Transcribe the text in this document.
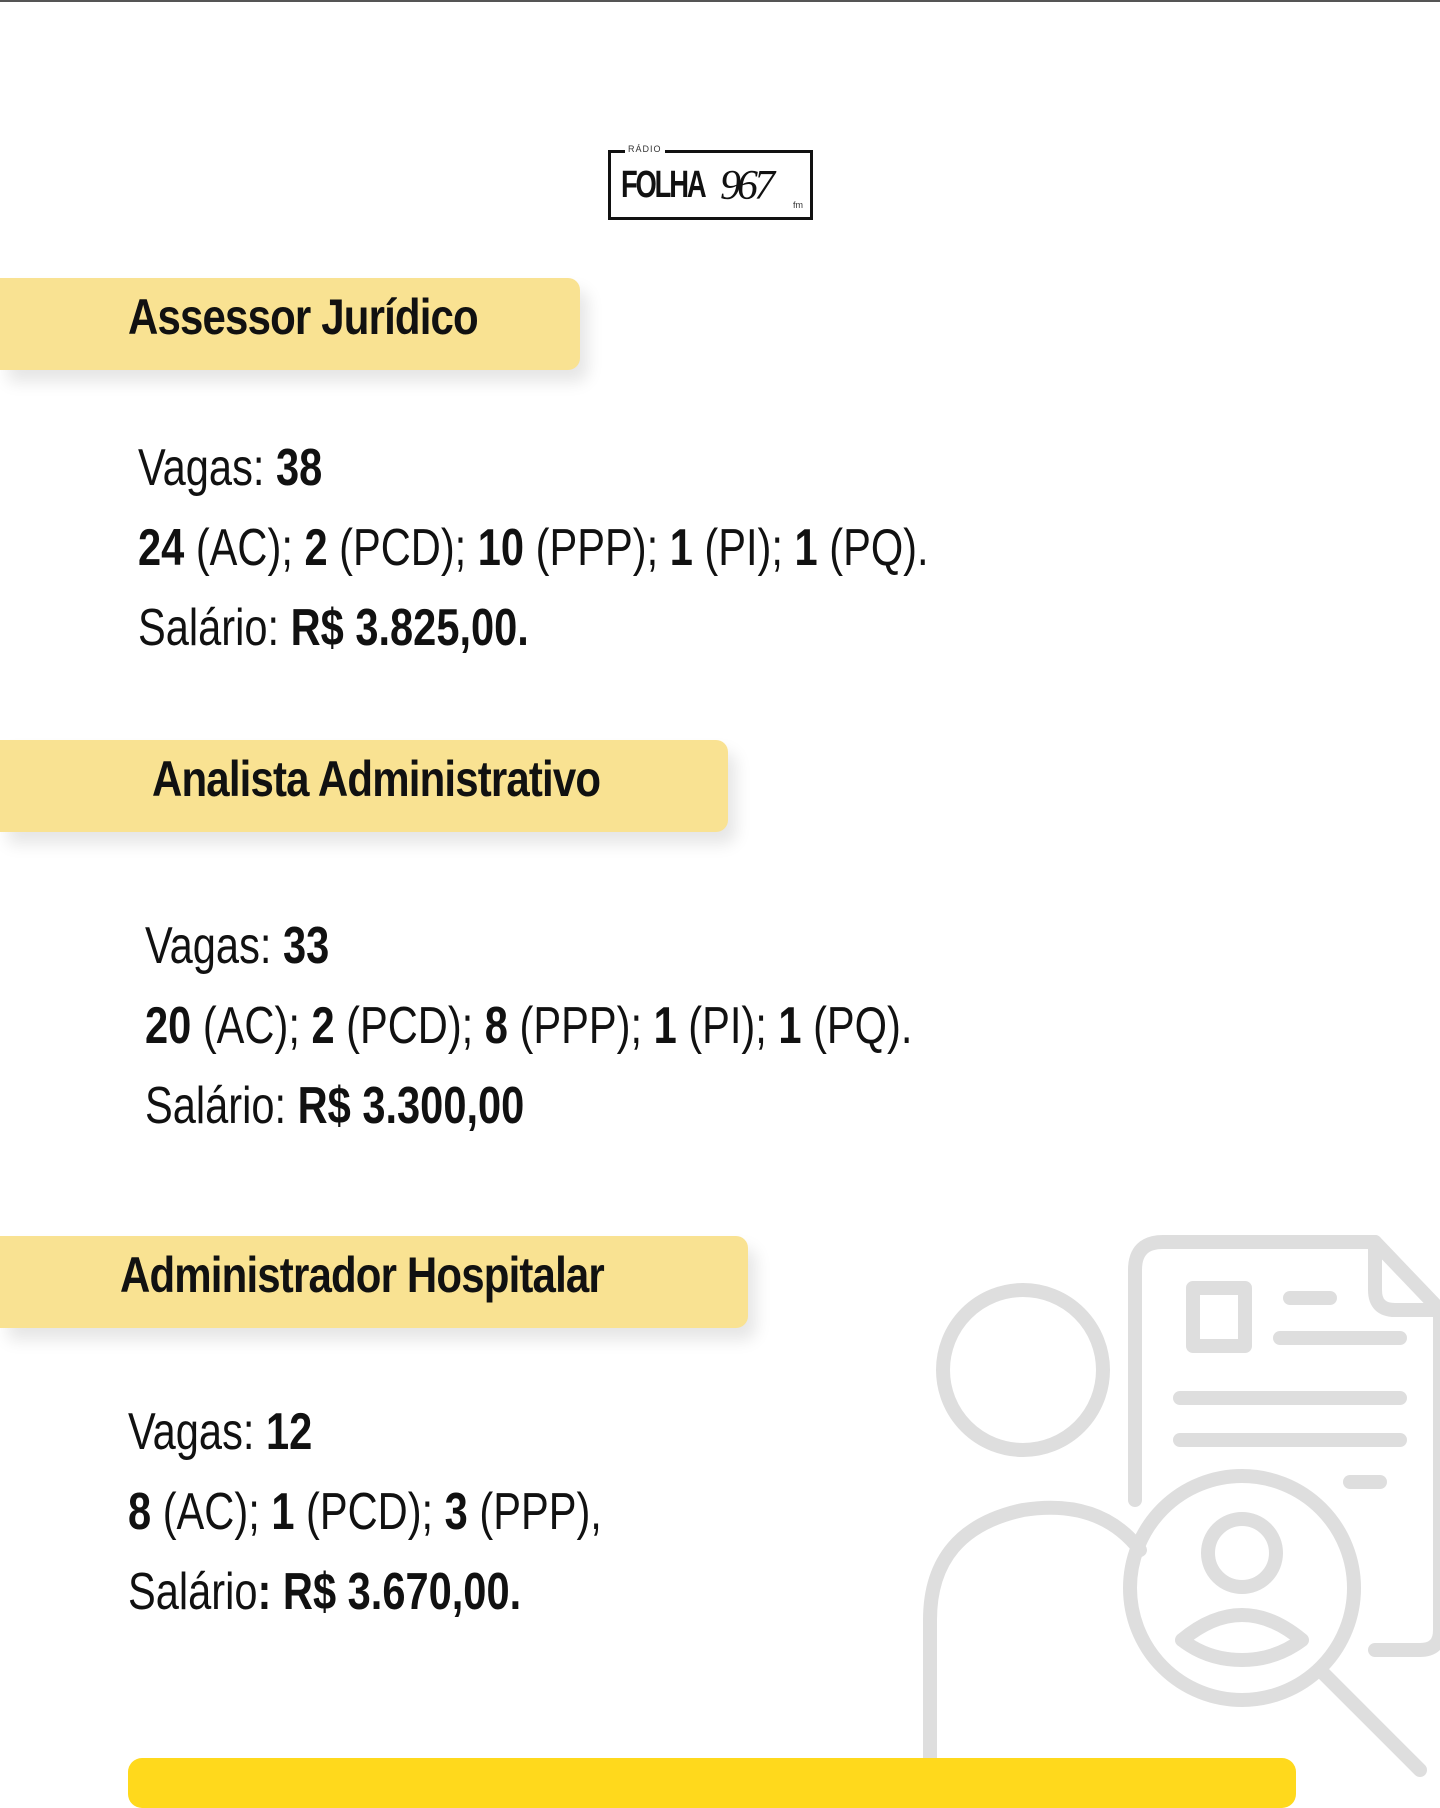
RÁDIO
FOLHA 967 fm
Assessor Jurídico
Vagas: 38
24 (AC); 2 (PCD); 10 (PPP); 1 (PI); 1 (PQ).
Salário: R$ 3.825,00.
Analista Administrativo
Vagas: 33
20 (AC); 2 (PCD); 8 (PPP); 1 (PI); 1 (PQ).
Salário: R$ 3.300,00
Administrador Hospitalar
Vagas: 12
8 (AC); 1 (PCD); 3 (PPP),
Salário: R$ 3.670,00.
